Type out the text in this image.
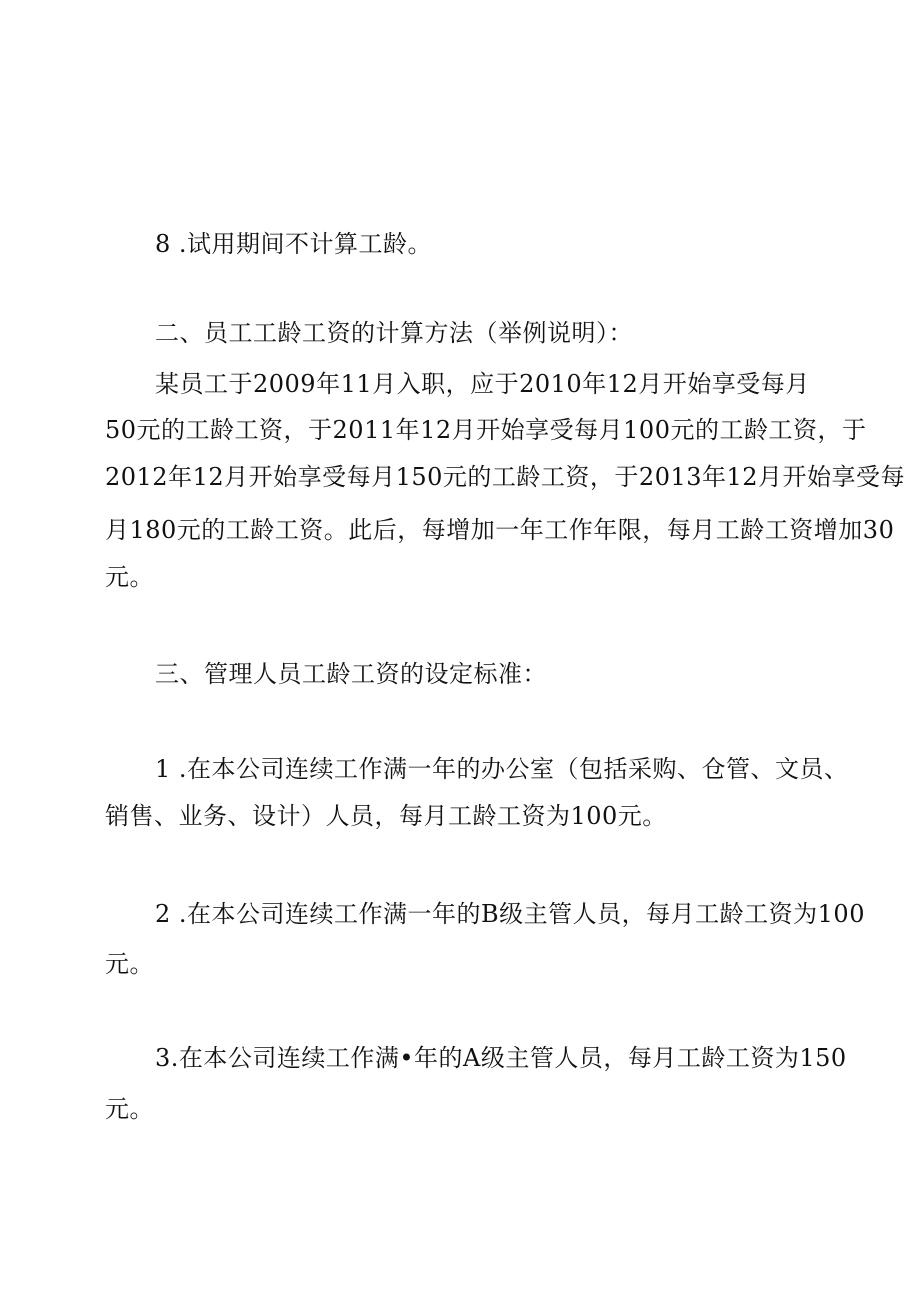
8 .试用期间不计算工龄。
二、员工工龄工资的计算方法（举例说明）：
某员工于2009年11月入职，应于2010年12月开始享受每月
50元的工龄工资，于2011年12月开始享受每月100元的工龄工资，于
2012年12月开始享受每月150元的工龄工资，于2013年12月开始享受每
月180元的工龄工资。此后，每增加一年工作年限，每月工龄工资增加30
元。
三、管理人员工龄工资的设定标准：
1 .在本公司连续工作满一年的办公室（包括采购、仓管、文员、
销售、业务、设计）人员，每月工龄工资为100元。
2 .在本公司连续工作满一年的B级主管人员，每月工龄工资为100
元。
3.在本公司连续工作满•年的A级主管人员，每月工龄工资为150
元。
